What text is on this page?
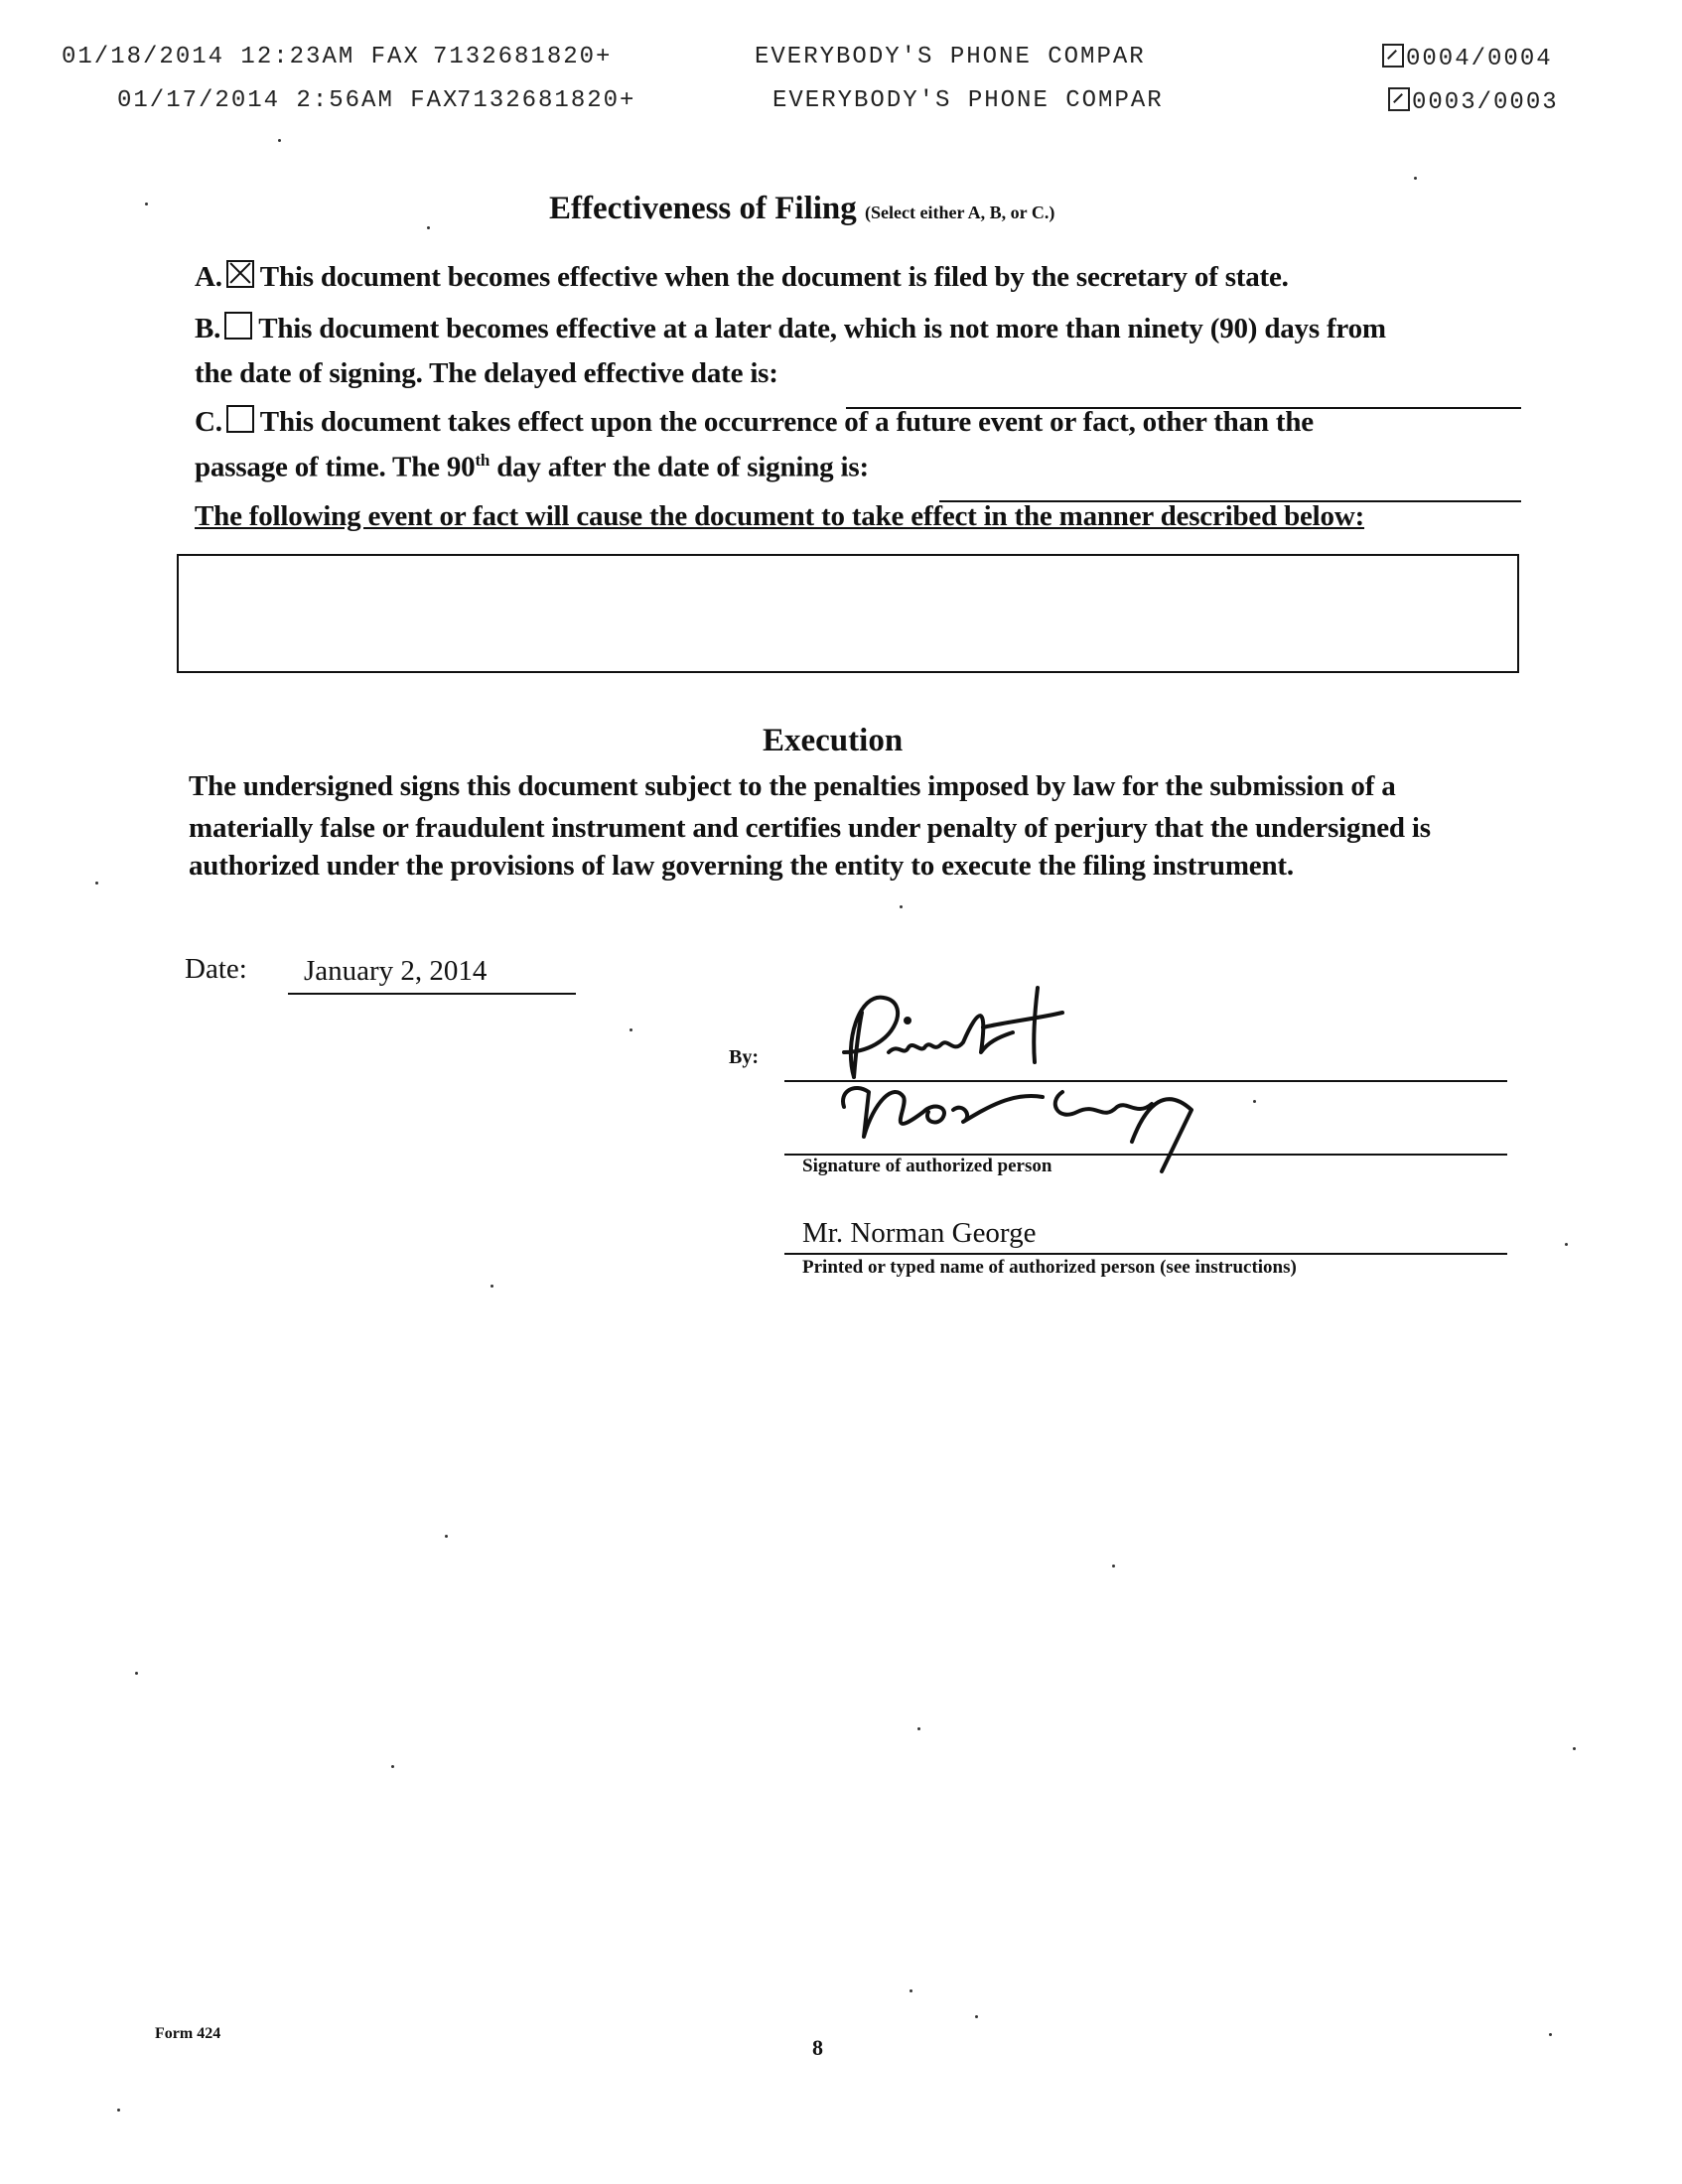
01/18/2014 12:23AM FAX 7132681820+	EVERYBODY'S PHONE COMPAR	0004/0004
01/17/2014 2:56AM FAX
7132681820+	EVERYBODY'S PHONE COMPAR	0003/0003
Effectiveness of Filing (Select either A, B, or C.)
A. This document becomes effective when the document is filed by the secretary of state.
B. This document becomes effective at a later date, which is not more than ninety (90) days from
the date of signing. The delayed effective date is:
C. This document takes effect upon the occurrence of a future event or fact, other than the
passage of time. The 90th day after the date of signing is:
The following event or fact will cause the document to take effect in the manner described below:
Execution
The undersigned signs this document subject to the penalties imposed by law for the submission of a
materially false or fraudulent instrument and certifies under penalty of perjury that the undersigned is
authorized under the provisions of law governing the entity to execute the filing instrument.
Date: January 2, 2014
By:
Signature of authorized person
Mr. Norman George
Printed or typed name of authorized person (see instructions)
Form 424
8
